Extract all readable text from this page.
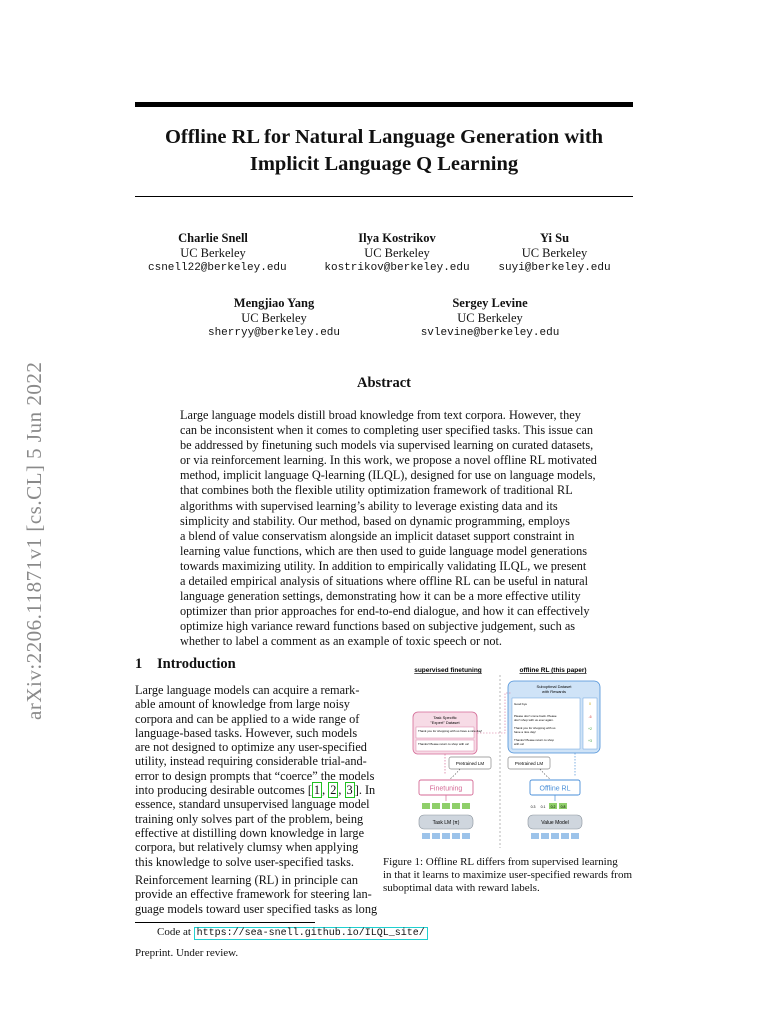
arXiv:2206.11871v1 [cs.CL] 5 Jun 2022
Offline RL for Natural Language Generation with
Implicit Language Q Learning
Charlie Snell
UC Berkeley
csnell22@berkeley.edu
Ilya Kostrikov
UC Berkeley
kostrikov@berkeley.edu
Yi Su
UC Berkeley
suyi@berkeley.edu
Mengjiao Yang
UC Berkeley
sherryy@berkeley.edu
Sergey Levine
UC Berkeley
svlevine@berkeley.edu
Abstract
Large language models distill broad knowledge from text corpora. However, they
can be inconsistent when it comes to completing user specified tasks. This issue can
be addressed by finetuning such models via supervised learning on curated datasets,
or via reinforcement learning. In this work, we propose a novel offline RL motivated
method, implicit language Q-learning (ILQL), designed for use on language models,
that combines both the flexible utility optimization framework of traditional RL
algorithms with supervised learning’s ability to leverage existing data and its
simplicity and stability. Our method, based on dynamic programming, employs
a blend of value conservatism alongside an implicit dataset support constraint in
learning value functions, which are then used to guide language model generations
towards maximizing utility. In addition to empirically validating ILQL, we present
a detailed empirical analysis of situations where offline RL can be useful in natural
language generation settings, demonstrating how it can be a more effective utility
optimizer than prior approaches for end-to-end dialogue, and how it can effectively
optimize high variance reward functions based on subjective judgement, such as
whether to label a comment as an example of toxic speech or not.
1 Introduction
Large language models can acquire a remark-
able amount of knowledge from large noisy
corpora and can be applied to a wide range of
language-based tasks. However, such models
are not designed to optimize any user-specified
utility, instead requiring considerable trial-and-
error to design prompts that “coerce” the models
into producing desirable outcomes [ 1 , 2 , 3 ]. In
essence, standard unsupervised language model
training only solves part of the problem, being
effective at distilling down knowledge in large
corpora, but relatively clumsy when applying
this knowledge to solve user-specified tasks.
Reinforcement learning (RL) in principle can
provide an effective framework for steering lan-
guage models toward user specified tasks as long
supervised finetuning	offline RL (this paper)
Task Specific "Expert" Dataset
Thank you for shopping with us have a nice day!
Thanks! Please return to shop with us!
Suboptimal Dataset with Rewards
Good bye
Please don't come back. Please don't shop with us ever again.
Thank you for shopping with us have a nice day!
Thanks! Please return to shop with us!
0
-6
+2
+3
Pretrained LM	Pretrained LM
Finetuning	Offline RL
0.3 0.1 0.2 0.8
Task LM (π)	Value Model
Figure 1: Offline RL differs from supervised learning
in that it learns to maximize user-specified rewards from
suboptimal data with reward labels.
Code at https://sea-snell.github.io/ILQL_site/
Preprint. Under review.
